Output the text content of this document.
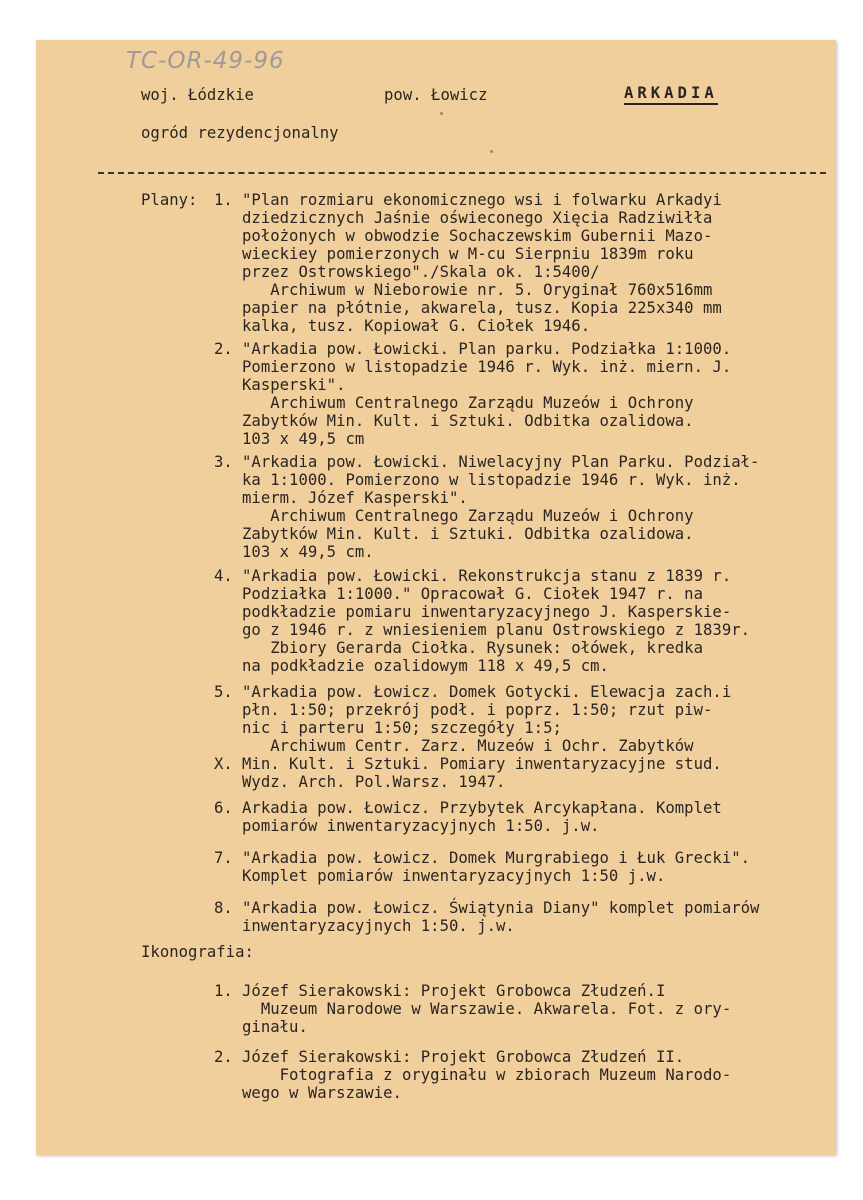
TC-OR-49-96
woj. Łódzkie	pow. Łowicz	ARKADIA
ogród rezydencjonalny
Plany: 1. "Plan rozmiaru ekonomicznego wsi i folwarku Arkadyi
dziedzicznych Jaśnie oświeconego Xięcia Radziwiłła
położonych w obwodzie Sochaczewskim Gubernii Mazo-
wieckiey pomierzonych w M-cu Sierpniu 1839m roku
przez Ostrowskiego"./Skala ok. 1:5400/
Archiwum w Nieborowie nr. 5. Oryginał 760x516mm
papier na płótnie, akwarela, tusz. Kopia 225x340 mm
kalka, tusz. Kopiował G. Ciołek 1946.
2. "Arkadia pow. Łowicki. Plan parku. Podziałka 1:1000.
Pomierzono w listopadzie 1946 r. Wyk. inż. miern. J.
Kasperski".
Archiwum Centralnego Zarządu Muzeów i Ochrony
Zabytków Min. Kult. i Sztuki. Odbitka ozalidowa.
103 x 49,5 cm
3. "Arkadia pow. Łowicki. Niwelacyjny Plan Parku. Podział-
ka 1:1000. Pomierzono w listopadzie 1946 r. Wyk. inż.
mierm. Józef Kasperski".
Archiwum Centralnego Zarządu Muzeów i Ochrony
Zabytków Min. Kult. i Sztuki. Odbitka ozalidowa.
103 x 49,5 cm.
4. "Arkadia pow. Łowicki. Rekonstrukcja stanu z 1839 r.
Podziałka 1:1000." Opracował G. Ciołek 1947 r. na
podkładzie pomiaru inwentaryzacyjnego J. Kasperskie-
go z 1946 r. z wniesieniem planu Ostrowskiego z 1839r.
Zbiory Gerarda Ciołka. Rysunek: ołówek, kredka
na podkładzie ozalidowym 118 x 49,5 cm.
5. "Arkadia pow. Łowicz. Domek Gotycki. Elewacja zach.i
płn. 1:50; przekrój podł. i poprz. 1:50; rzut piw-
nic i parteru 1:50; szczegóły 1:5;
Archiwum Centr. Zarz. Muzeów i Ochr. Zabytków
Min. Kult. i Sztuki. Pomiary inwentaryzacyjne stud.
Wydz. Arch. Pol.Warsz. 1947.
X.
6. Arkadia pow. Łowicz. Przybytek Arcykapłana. Komplet
pomiarów inwentaryzacyjnych 1:50. j.w.
7. "Arkadia pow. Łowicz. Domek Murgrabiego i Łuk Grecki".
Komplet pomiarów inwentaryzacyjnych 1:50 j.w.
8. "Arkadia pow. Łowicz. Świątynia Diany" komplet pomiarów
inwentaryzacyjnych 1:50. j.w.
Ikonografia:
1. Józef Sierakowski: Projekt Grobowca Złudzeń.I
Muzeum Narodowe w Warszawie. Akwarela. Fot. z ory-
ginału.
2. Józef Sierakowski: Projekt Grobowca Złudzeń II.
Fotografia z oryginału w zbiorach Muzeum Narodo-
wego w Warszawie.
